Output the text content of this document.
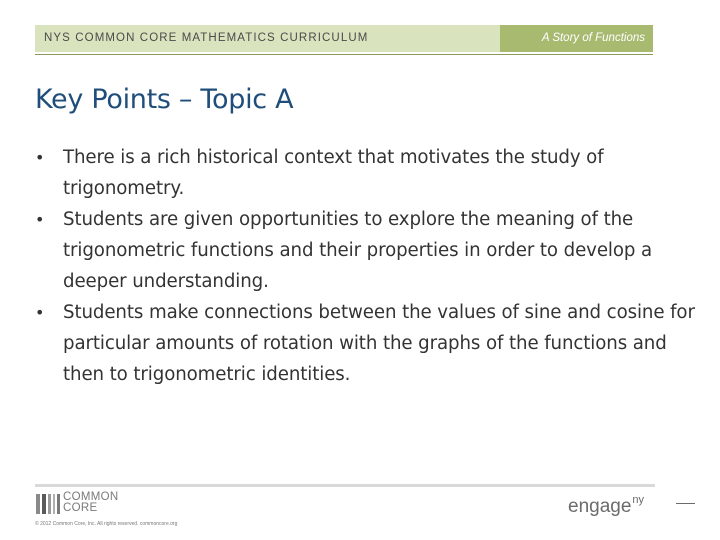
NYS COMMON CORE MATHEMATICS CURRICULUM	A Story of Functions
Key Points – Topic A
•	There is a rich historical context that motivates the study of trigonometry.
•	Students are given opportunities to explore the meaning of the trigonometric functions and their properties in order to develop a deeper understanding.
•	Students make connections between the values of sine and cosine for particular amounts of rotation with the graphs of the functions and then to trigonometric identities.
COMMON
CORE
© 2012 Common Core, Inc. All rights reserved. commoncore.org
engage$^{ny}$
